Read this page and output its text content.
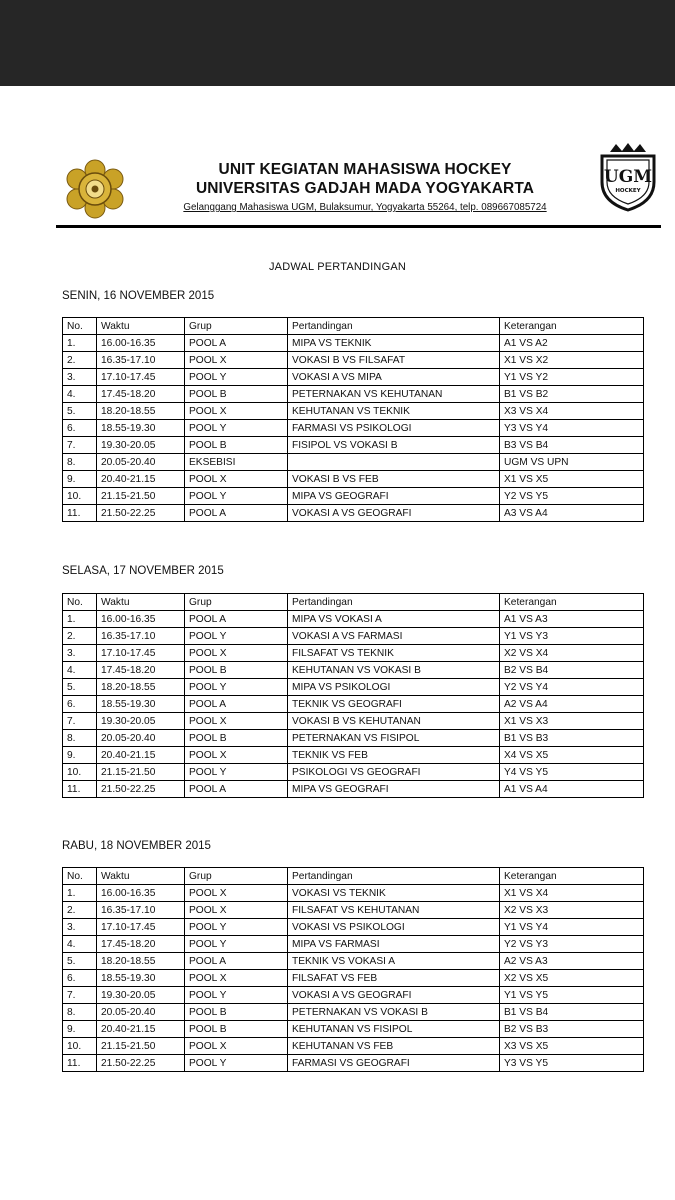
UNIT KEGIATAN MAHASISWA HOCKEY
UNIVERSITAS GADJAH MADA YOGYAKARTA
Gelanggang Mahasiswa UGM, Bulaksumur, Yogyakarta 55264, telp. 089667085724
UGM
HOCKEY
JADWAL PERTANDINGAN
SENIN, 16 NOVEMBER 2015
No.	Waktu	Grup	Pertandingan	Keterangan
1.	16.00-16.35	POOL A	MIPA VS TEKNIK	A1 VS A2
2.	16.35-17.10	POOL X	VOKASI B VS FILSAFAT	X1 VS X2
3.	17.10-17.45	POOL Y	VOKASI A VS MIPA	Y1 VS Y2
4.	17.45-18.20	POOL B	PETERNAKAN VS KEHUTANAN	B1 VS B2
5.	18.20-18.55	POOL X	KEHUTANAN VS TEKNIK	X3 VS X4
6.	18.55-19.30	POOL Y	FARMASI VS PSIKOLOGI	Y3 VS Y4
7.	19.30-20.05	POOL B	FISIPOL VS VOKASI B	B3 VS B4
8.	20.05-20.40	EKSEBISI		UGM VS UPN
9.	20.40-21.15	POOL X	VOKASI B VS FEB	X1 VS X5
10.	21.15-21.50	POOL Y	MIPA VS GEOGRAFI	Y2 VS Y5
11.	21.50-22.25	POOL A	VOKASI A VS GEOGRAFI	A3 VS A4
SELASA, 17 NOVEMBER 2015
No.	Waktu	Grup	Pertandingan	Keterangan
1.	16.00-16.35	POOL A	MIPA VS VOKASI A	A1 VS A3
2.	16.35-17.10	POOL Y	VOKASI A VS FARMASI	Y1 VS Y3
3.	17.10-17.45	POOL X	FILSAFAT VS TEKNIK	X2 VS X4
4.	17.45-18.20	POOL B	KEHUTANAN VS VOKASI B	B2 VS B4
5.	18.20-18.55	POOL Y	MIPA VS PSIKOLOGI	Y2 VS Y4
6.	18.55-19.30	POOL A	TEKNIK VS GEOGRAFI	A2 VS A4
7.	19.30-20.05	POOL X	VOKASI B VS KEHUTANAN	X1 VS X3
8.	20.05-20.40	POOL B	PETERNAKAN VS FISIPOL	B1 VS B3
9.	20.40-21.15	POOL X	TEKNIK VS FEB	X4 VS X5
10.	21.15-21.50	POOL Y	PSIKOLOGI VS GEOGRAFI	Y4 VS Y5
11.	21.50-22.25	POOL A	MIPA VS GEOGRAFI	A1 VS A4
RABU, 18 NOVEMBER 2015
No.	Waktu	Grup	Pertandingan	Keterangan
1.	16.00-16.35	POOL X	VOKASI VS TEKNIK	X1 VS X4
2.	16.35-17.10	POOL X	FILSAFAT VS KEHUTANAN	X2 VS X3
3.	17.10-17.45	POOL Y	VOKASI VS PSIKOLOGI	Y1 VS Y4
4.	17.45-18.20	POOL Y	MIPA VS FARMASI	Y2 VS Y3
5.	18.20-18.55	POOL A	TEKNIK VS VOKASI A	A2 VS A3
6.	18.55-19.30	POOL X	FILSAFAT VS FEB	X2 VS X5
7.	19.30-20.05	POOL Y	VOKASI A VS GEOGRAFI	Y1 VS Y5
8.	20.05-20.40	POOL B	PETERNAKAN VS VOKASI B	B1 VS B4
9.	20.40-21.15	POOL B	KEHUTANAN VS FISIPOL	B2 VS B3
10.	21.15-21.50	POOL X	KEHUTANAN VS FEB	X3 VS X5
11.	21.50-22.25	POOL Y	FARMASI VS GEOGRAFI	Y3 VS Y5
